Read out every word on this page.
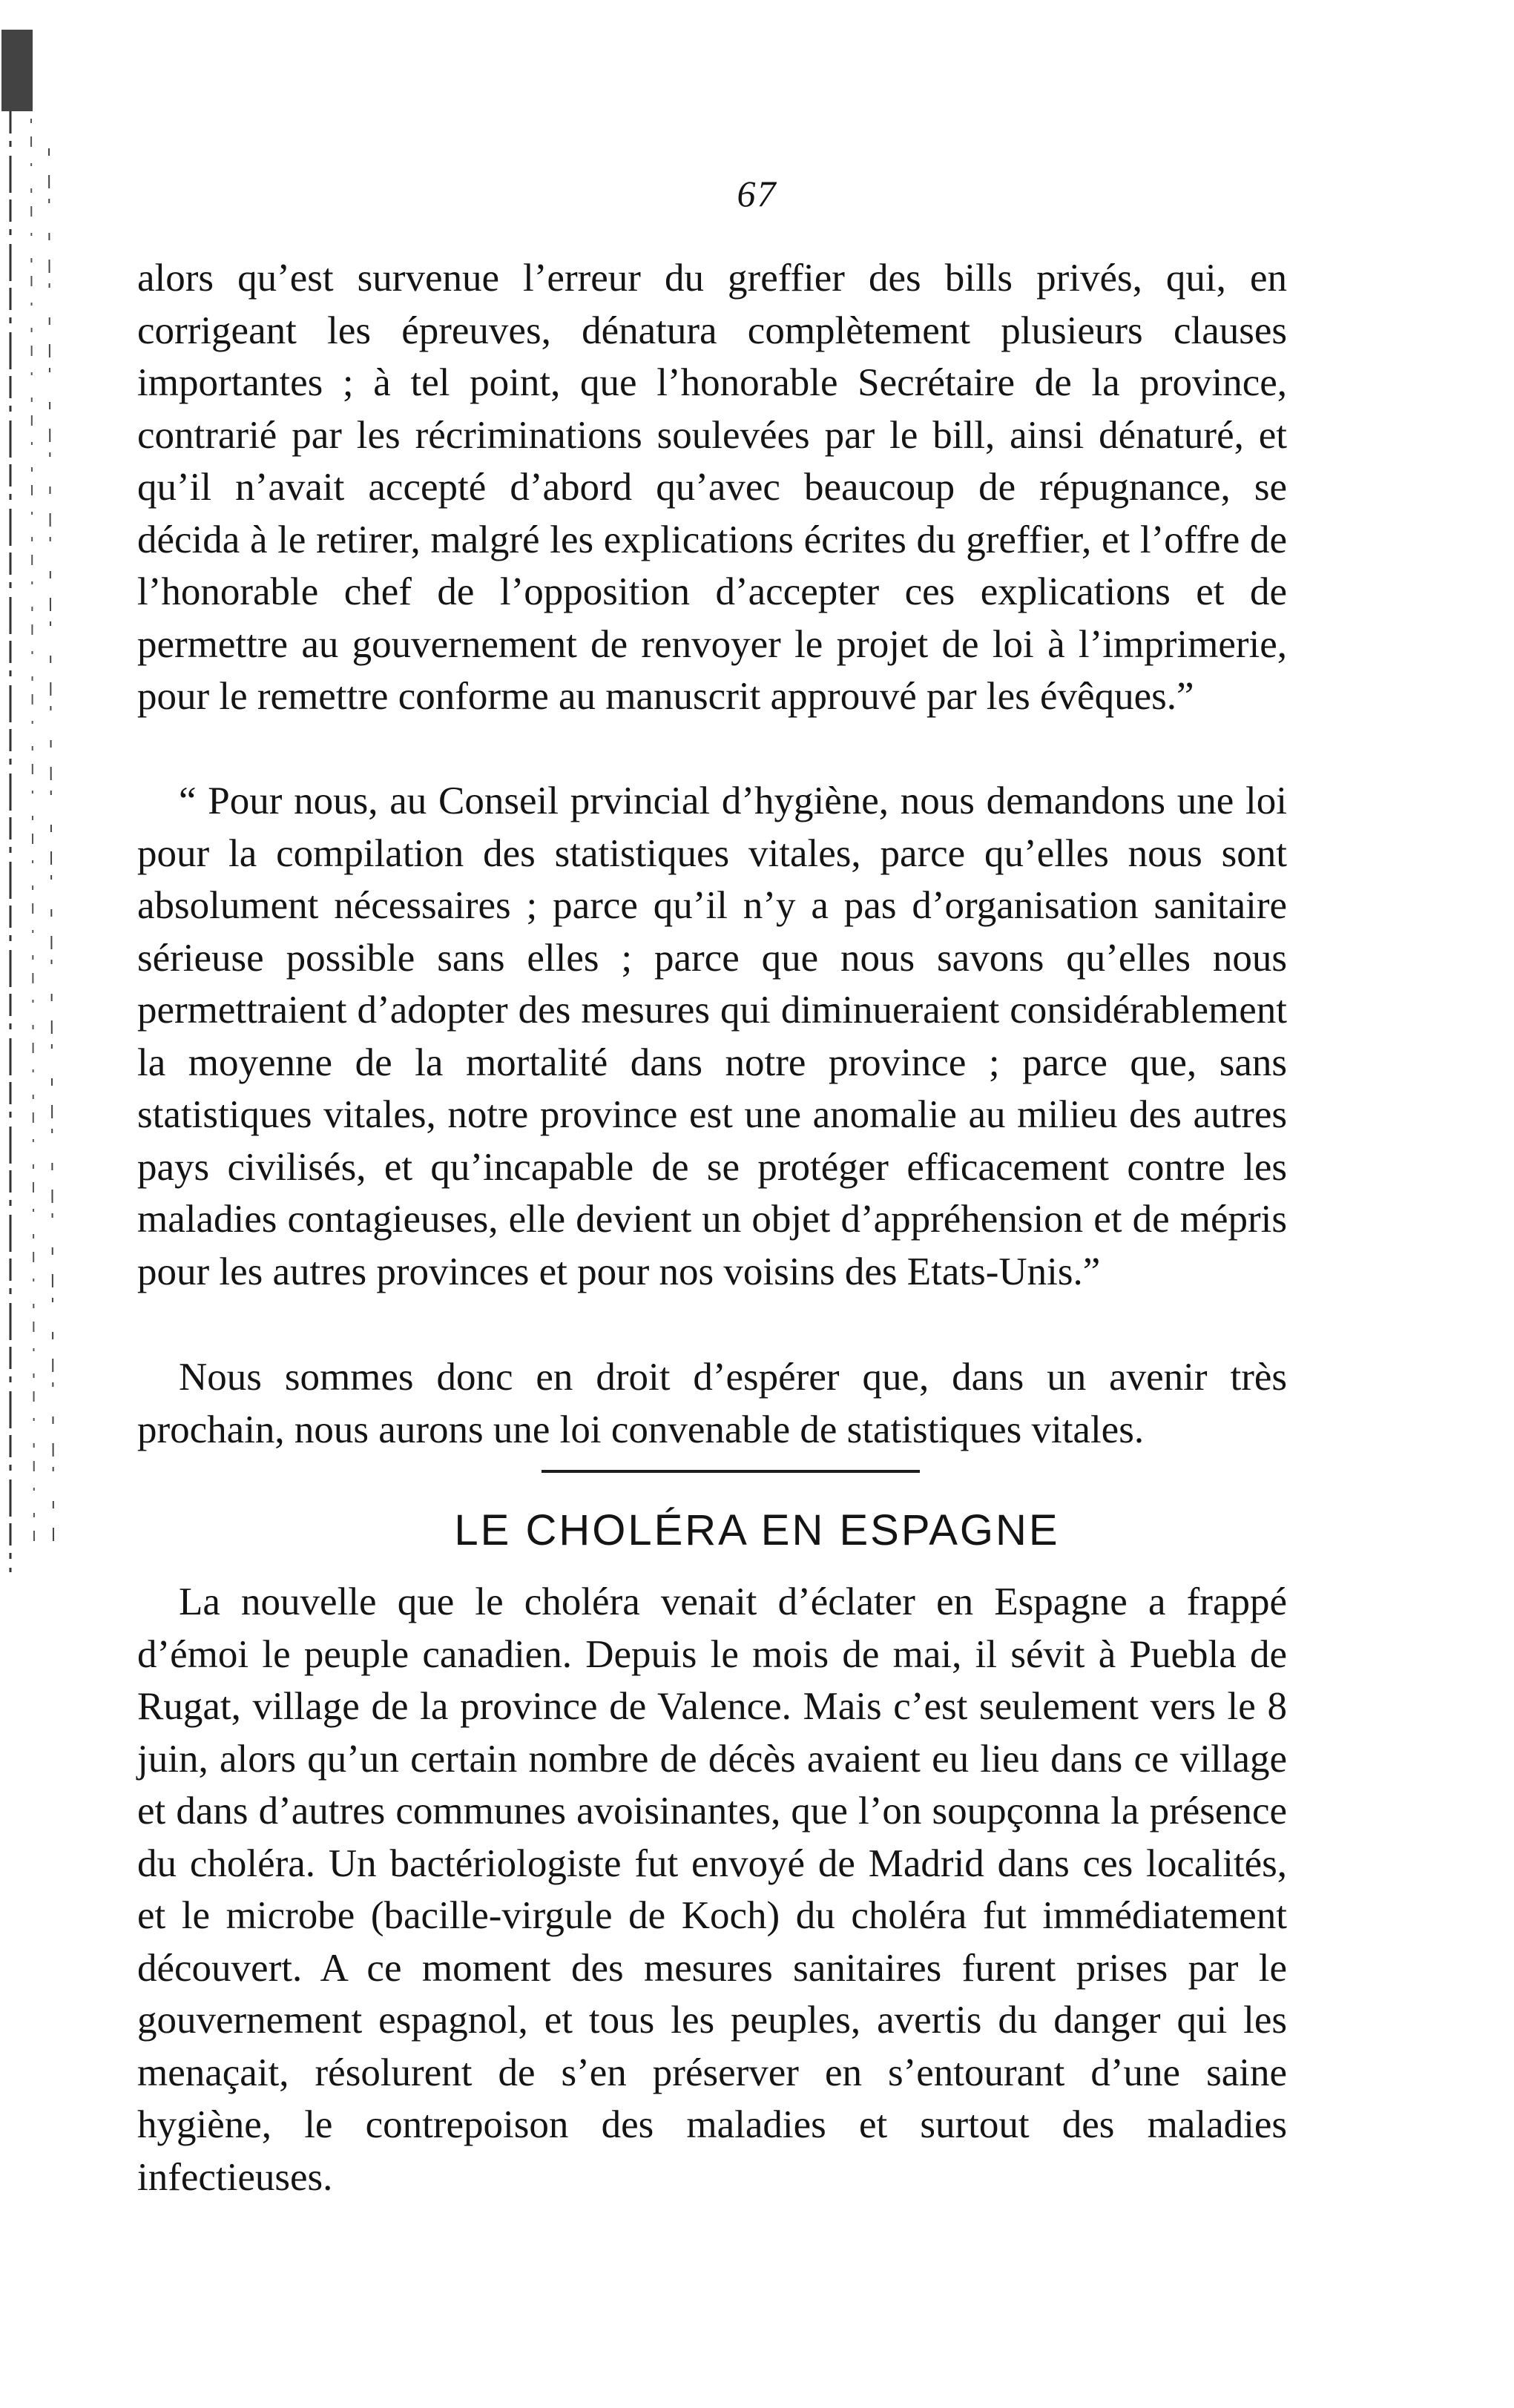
67

alors qu’est survenue l’erreur du greffier des bills privés, qui, en corrigeant les épreuves, dénatura complètement plusieurs clauses importantes ; à tel point, que l’honorable Secrétaire de la province, contrarié par les récriminations soulevées par le bill, ainsi dénaturé, et qu’il n’avait accepté d’abord qu’avec beaucoup de répugnance, se décida à le retirer, malgré les explications écrites du greffier, et l’offre de l’honorable chef de l’opposition d’accepter ces explications et de permettre au gouvernement de renvoyer le projet de loi à l’imprimerie, pour le remettre conforme au manuscrit approuvé par les évêques.”

“ Pour nous, au Conseil prvincial d’hygiène, nous demandons une loi pour la compilation des statistiques vitales, parce qu’elles nous sont absolument nécessaires ; parce qu’il n’y a pas d’organisation sanitaire sérieuse possible sans elles ; parce que nous savons qu’elles nous permettraient d’adopter des mesures qui diminueraient considérablement la moyenne de la mortalité dans notre province ; parce que, sans statistiques vitales, notre province est une anomalie au milieu des autres pays civilisés, et qu’incapable de se protéger efficacement contre les maladies contagieuses, elle devient un objet d’appréhension et de mépris pour les autres provinces et pour nos voisins des Etats-Unis.”

Nous sommes donc en droit d’espérer que, dans un avenir très prochain, nous aurons une loi convenable de statistiques vitales.

LE CHOLÉRA EN ESPAGNE

La nouvelle que le choléra venait d’éclater en Espagne a frappé d’émoi le peuple canadien. Depuis le mois de mai, il sévit à Puebla de Rugat, village de la province de Valence. Mais c’est seulement vers le 8 juin, alors qu’un certain nombre de décès avaient eu lieu dans ce village et dans d’autres communes avoisinantes, que l’on soupçonna la présence du choléra. Un bactériologiste fut envoyé de Madrid dans ces localités, et le microbe (bacille-virgule de Koch) du choléra fut immédiatement découvert. A ce moment des mesures sanitaires furent prises par le gouvernement espagnol, et tous les peuples, avertis du danger qui les menaçait, résolurent de s’en préserver en s’entourant d’une saine hygiène, le contrepoison des maladies et surtout des maladies infectieuses.
